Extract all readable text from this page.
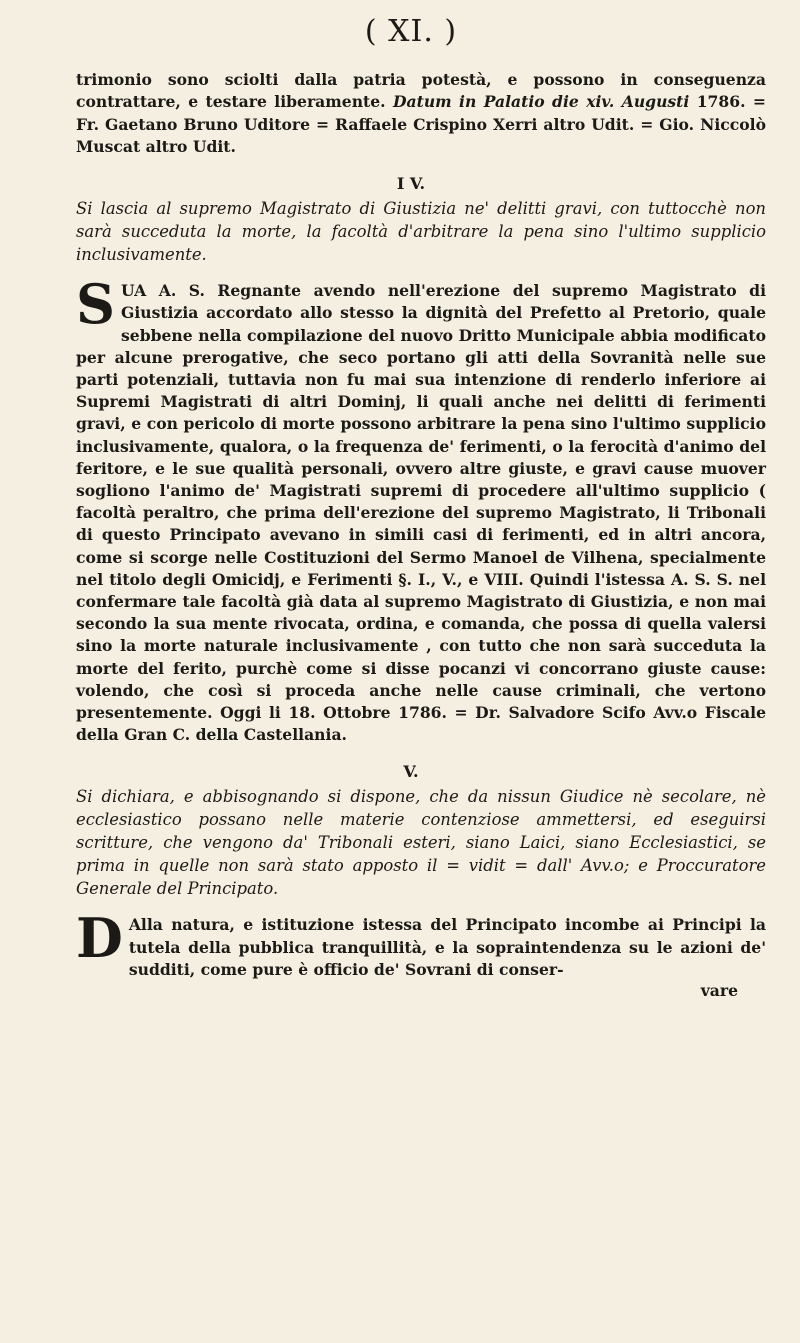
( XI. )

trimonio sono sciolti dalla patria potestà, e possono in conseguenza contrattare, e testare liberamente. Datum in Palatio die xiv. Augusti 1786. = Fr. Gaetano Bruno Uditore = Raffaele Crispino Xerri altro Udit. = Gio. Niccolò Muscat altro Udit.

I V.

Si lascia al supremo Magistrato di Giustizia ne' delitti gravi, con tuttocchè non sarà succeduta la morte, la facoltà d'arbitrare la pena sino l'ultimo supplicio inclusivamente.

SUA A. S. Regnante avendo nell'erezione del supremo Magistrato di Giustizia accordato allo stesso la dignità del Prefetto al Pretorio, quale sebbene nella compilazione del nuovo Dritto Municipale abbia modificato per alcune prerogative, che seco portano gli atti della Sovranità nelle sue parti potenziali, tuttavia non fu mai sua intenzione di renderlo inferiore ai Supremi Magistrati di altri Dominj, li quali anche nei delitti di ferimenti gravi, e con pericolo di morte possono arbitrare la pena sino l'ultimo supplicio inclusivamente, qualora, o la frequenza de' ferimenti, o la ferocità d'animo del feritore, e le sue qualità personali, ovvero altre giuste, e gravi cause muover sogliono l'animo de' Magistrati supremi di procedere all'ultimo supplicio ( facoltà peraltro, che prima dell'erezione del supremo Magistrato, li Tribonali di questo Principato avevano in simili casi di ferimenti, ed in altri ancora, come si scorge nelle Costituzioni del Sermo Manoel de Vilhena, specialmente nel titolo degli Omicidj, e Ferimenti §. I., V., e VIII. Quindi l'istessa A. S. S. nel confermare tale facoltà già data al supremo Magistrato di Giustizia, e non mai secondo la sua mente rivocata, ordina, e comanda, che possa di quella valersi sino la morte naturale inclusivamente , con tutto che non sarà succeduta la morte del ferito, purchè come si disse pocanzi vi concorrano giuste cause: volendo, che così si proceda anche nelle cause criminali, che vertono presentemente. Oggi li 18. Ottobre 1786. = Dr. Salvadore Scifo Avv.o Fiscale della Gran C. della Castellania.

V.

Si dichiara, e abbisognando si dispone, che da nissun Giudice nè secolare, nè ecclesiastico possano nelle materie contenziose ammettersi, ed eseguirsi scritture, che vengono da' Tribonali esteri, siano Laici, siano Ecclesiastici, se prima in quelle non sarà stato apposto il = vidit = dall' Avv.o; e Proccuratore Generale del Principato.

D Alla natura, e istituzione istessa del Principato incombe ai Principi la tutela della pubblica tranquillità, e la sopraintendenza su le azioni de' sudditi, come pure è officio de' Sovrani di conser-

vare
